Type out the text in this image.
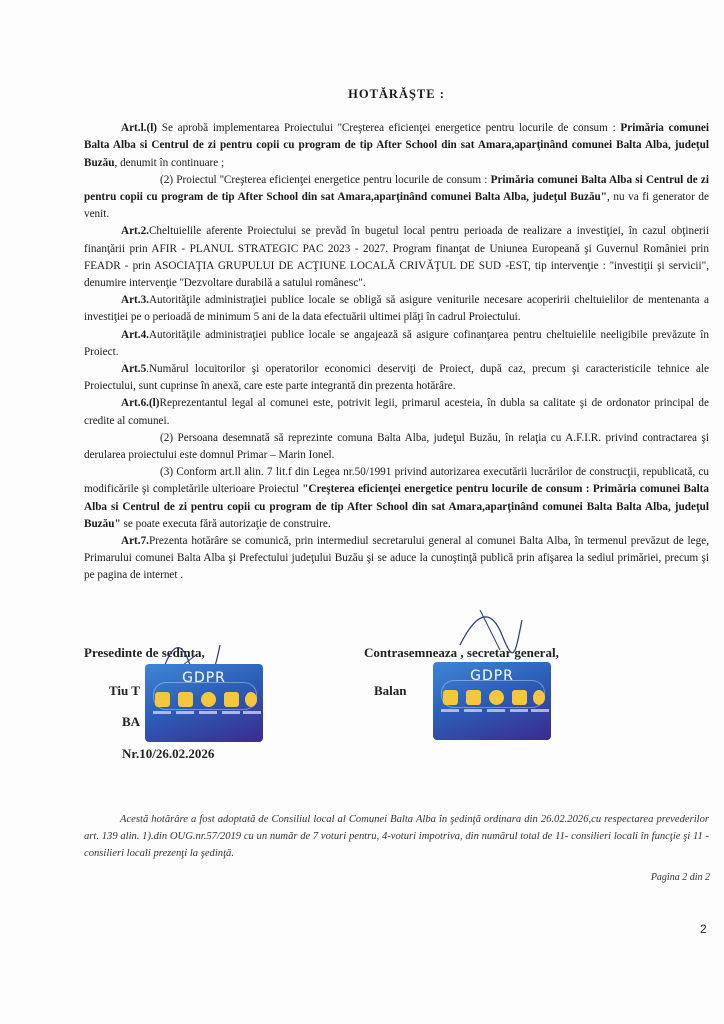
HOTĂRĂŞTE :

Art.l.(l) Se aprobă implementarea Proiectului ''Creşterea eficienţei energetice pentru locurile de consum : Primăria comunei Balta Alba si Centrul de zi pentru copii cu program de tip After School din sat Amara,aparţinând comunei Balta Alba, judeţul Buzău, denumit în continuare ;

(2) Proiectul ''Creşterea eficienţei energetice pentru locurile de consum : Primăria comunei Balta Alba si Centrul de zi pentru copii cu program de tip After School din sat Amara,aparţinând comunei Balta Alba, judeţul Buzău", nu va fi generator de venit.

Art.2.Cheltuielile aferente Proiectului se prevăd în bugetul local pentru perioada de realizare a investiţiei, în cazul obţinerii finanţării prin AFIR - PLANUL STRATEGIC PAC 2023 - 2027. Program finanţat de Uniunea Europeană şi Guvernul României prin FEADR - prin ASOCIAŢIA GRUPULUI DE ACŢIUNE LOCALĂ CRIVĂŢUL DE SUD -EST, tip intervenţie : ''investiţii şi servicii", denumire intervenţie ''Dezvoltare durabilă a satului românesc".

Art.3.Autorităţile administraţiei publice locale se obligă să asigure veniturile necesare acoperirii cheltuielilor de mentenanta a investiţiei pe o perioadă de minimum 5 ani de la data efectuării ultimei plăţi în cadrul Proiectului.

Art.4.Autorităţile administraţiei publice locale se angajează să asigure cofinanţarea pentru cheltuielile neeligibile prevăzute în Proiect.

Art.5.Numărul locuitorilor şi operatorilor economici deserviţi de Proiect, după caz, precum şi caracteristicile tehnice ale Proiectului, sunt cuprinse în anexă, care este parte integrantă din prezenta hotărâre.

Art.6.(l)Reprezentantul legal al comunei este, potrivit legii, primarul acesteia, în dubla sa calitate şi de ordonator principal de credite al comunei.

(2) Persoana desemnată să reprezinte comuna Balta Alba, judeţul Buzău, în relaţia cu A.F.I.R. privind contractarea şi derularea proiectului este domnul Primar – Marin Ionel.

(3) Conform art.ll alin. 7 lit.f din Legea nr.50/1991 privind autorizarea executării lucrărilor de construcţii, republicată, cu modificările şi completările ulterioare Proiectul "Creşterea eficienţei energetice pentru locurile de consum : Primăria comunei Balta Alba si Centrul de zi pentru copii cu program de tip After School din sat Amara,aparţinând comunei Balta Balta Alba, judeţul Buzău" se poate executa fără autorizaţie de construire.

Art.7.Prezenta hotărâre se comunică, prin intermediul secretarului general al comunei Balta Alba, în termenul prevăzut de lege, Primarului comunei Balta Alba şi Prefectului judeţului Buzău şi se aduce la cunoştinţă publică prin afişarea la sediul primăriei, precum şi pe pagina de internet .

Presedinte de sedinta,	Contrasemneaza , secretar general,
Tiu T
BA
Balan
Nr.10/26.02.2026
GDPR	GDPR
Acestă hotărâre a fost adoptată de Consiliul local al Comunei Balta Alba în şedinţă ordinara din 26.02.2026,cu respectarea prevederilor art. 139 alin. 1).din OUG.nr.57/2019 cu un număr de 7 voturi pentru, 4-voturi impotriva, din numărul total de 11- consilieri locali în funcţie şi 11 - consilieri locali prezenţi la şedinţă.
Pagina 2 din 2
2
